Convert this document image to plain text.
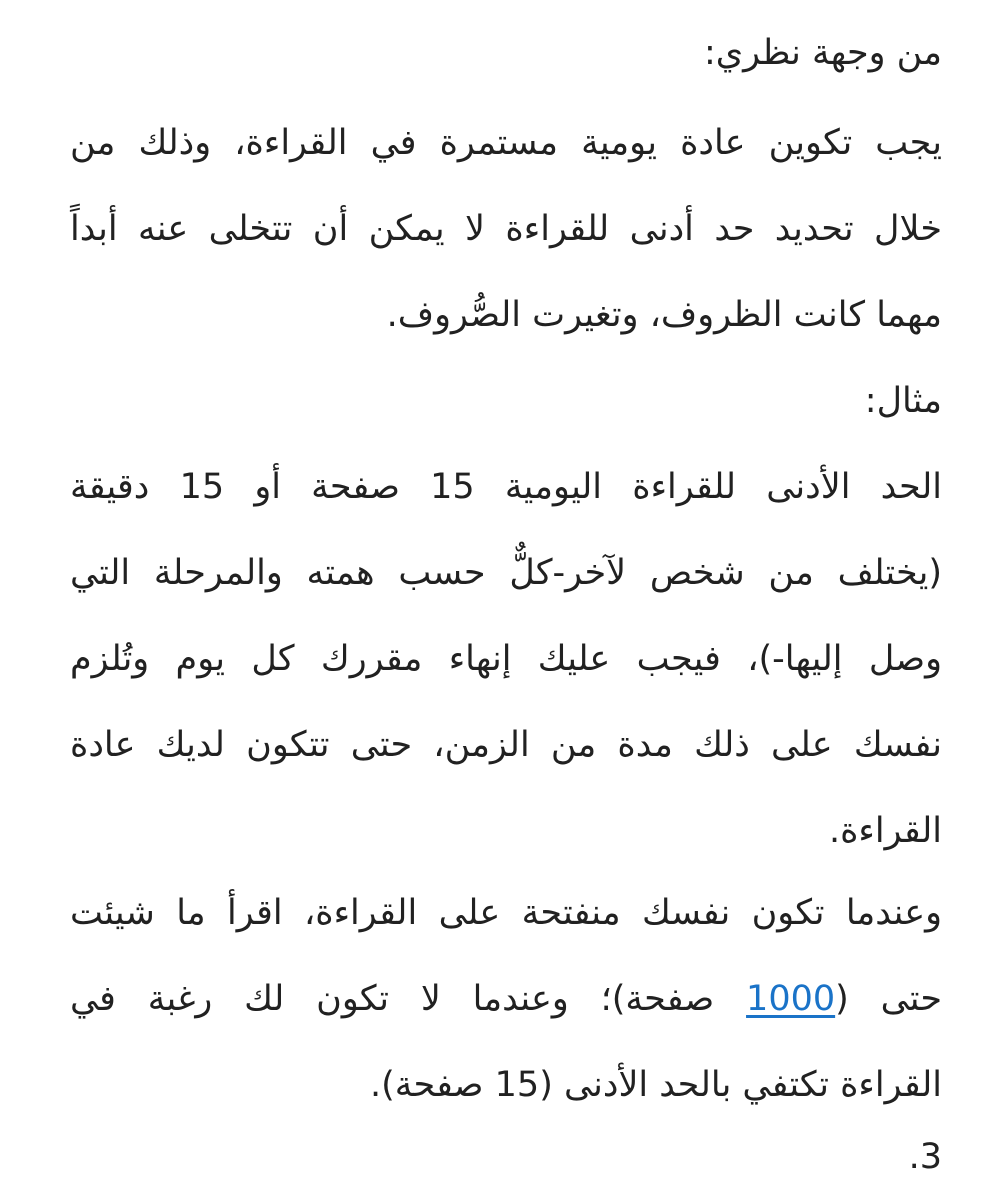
من وجهة نظري:
يجب تكوين عادة يومية مستمرة في القراءة، وذلك من
خلال تحديد حد أدنى للقراءة لا يمكن أن تتخلى عنه أبداً
مهما كانت الظروف، وتغيرت الصُّروف.
مثال:
الحد الأدنى للقراءة اليومية 15 صفحة أو 15 دقيقة
(يختلف من شخص لآخر-كلٌّ حسب همته والمرحلة التي
وصل إليها-)، فيجب عليك إنهاء مقررك كل يوم وتُلزم
نفسك على ذلك مدة من الزمن، حتى تتكون لديك عادة
القراءة.
وعندما تكون نفسك منفتحة على القراءة، اقرأ ما شيئت
حتى (1000 صفحة)؛ وعندما لا تكون لك رغبة في
القراءة تكتفي بالحد الأدنى (15 صفحة).
3.
